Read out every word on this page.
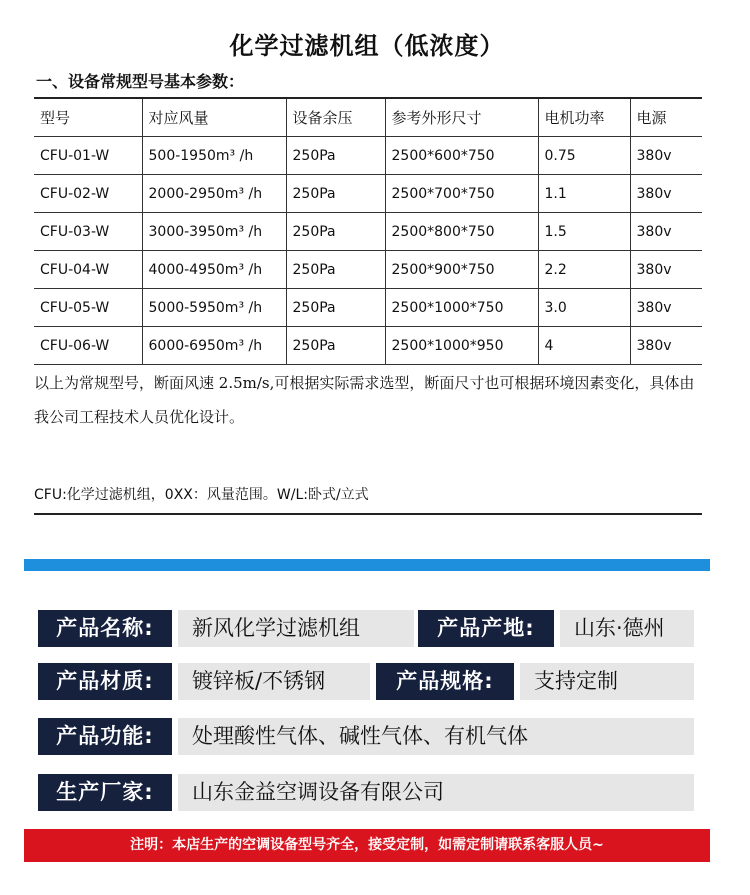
化学过滤机组（低浓度）
一、设备常规型号基本参数：
型号	对应风量	设备余压	参考外形尺寸	电机功率	电源
CFU-01-W	500-1950m³ /h	250Pa	2500*600*750	0.75	380v
CFU-02-W	2000-2950m³ /h	250Pa	2500*700*750	1.1	380v
CFU-03-W	3000-3950m³ /h	250Pa	2500*800*750	1.5	380v
CFU-04-W	4000-4950m³ /h	250Pa	2500*900*750	2.2	380v
CFU-05-W	5000-5950m³ /h	250Pa	2500*1000*750	3.0	380v
CFU-06-W	6000-6950m³ /h	250Pa	2500*1000*950	4	380v
以上为常规型号，断面风速 2.5m/s,可根据实际需求选型，断面尺寸也可根据环境因素变化，具体由我公司工程技术人员优化设计。
CFU:化学过滤机组，0XX：风量范围。W/L:卧式/立式
产品名称:	新风化学过滤机组	产品产地:	山东·德州
产品材质:	镀锌板/不锈钢	产品规格:	支持定制
产品功能:	处理酸性气体、碱性气体、有机气体
生产厂家:	山东金益空调设备有限公司
注明：本店生产的空调设备型号齐全，接受定制，如需定制请联系客服人员~
